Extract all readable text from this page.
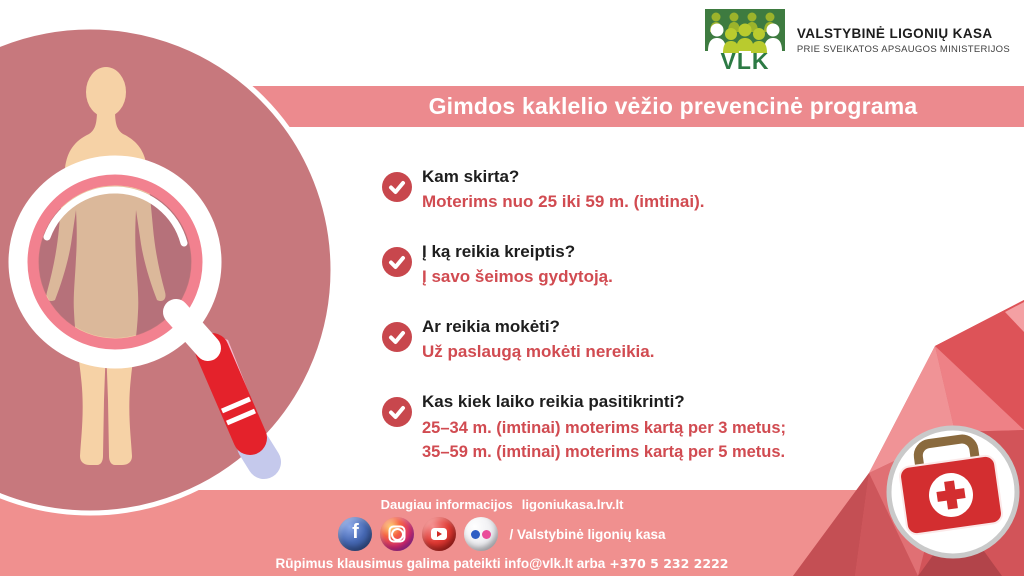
Gimdos kaklelio vėžio prevencinė programa
Daugiau informacijos ligoniukasa.lrv.lt
f	/ Valstybinė ligonių kasa
Rūpimus klausimus galima pateikti info@vlk.lt arba +370 5 232 2222
VLK
VALSTYBINĖ LIGONIŲ KASA
PRIE SVEIKATOS APSAUGOS MINISTERIJOS
Kam skirta?
Moterims nuo 25 iki 59 m. (imtinai).
Į ką reikia kreiptis?
Į savo šeimos gydytoją.
Ar reikia mokėti?
Už paslaugą mokėti nereikia.
Kas kiek laiko reikia pasitikrinti?
25–34 m. (imtinai) moterims kartą per 3 metus;
35–59 m. (imtinai) moterims kartą per 5 metus.
